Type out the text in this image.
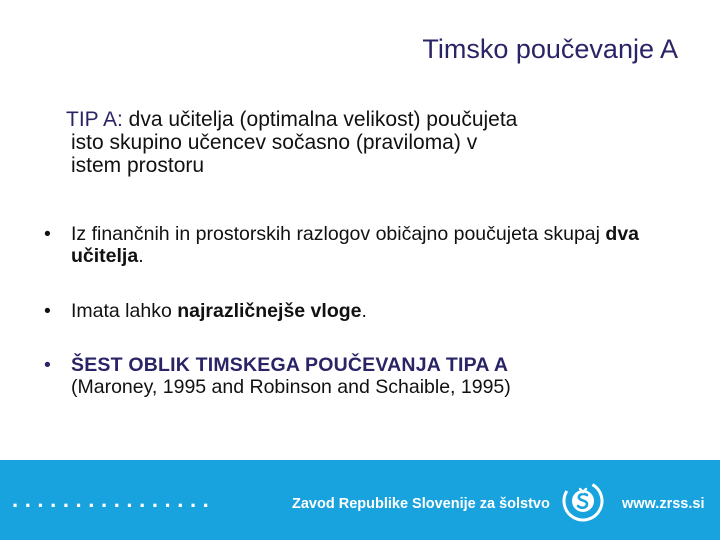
Timsko poučevanje A
TIP A: dva učitelja (optimalna velikost) poučujeta
isto skupino učencev sočasno (praviloma) v
istem prostoru
• Iz finančnih in prostorskih razlogov običajno poučujeta skupaj dva učitelja.
• Imata lahko najrazličnejše vloge.
• ŠEST OBLIK TIMSKEGA POUČEVANJA TIPA A
(Maroney, 1995 and Robinson and Schaible, 1995)
................	Zavod Republike Slovenije za šolstvo	www.zrss.si
